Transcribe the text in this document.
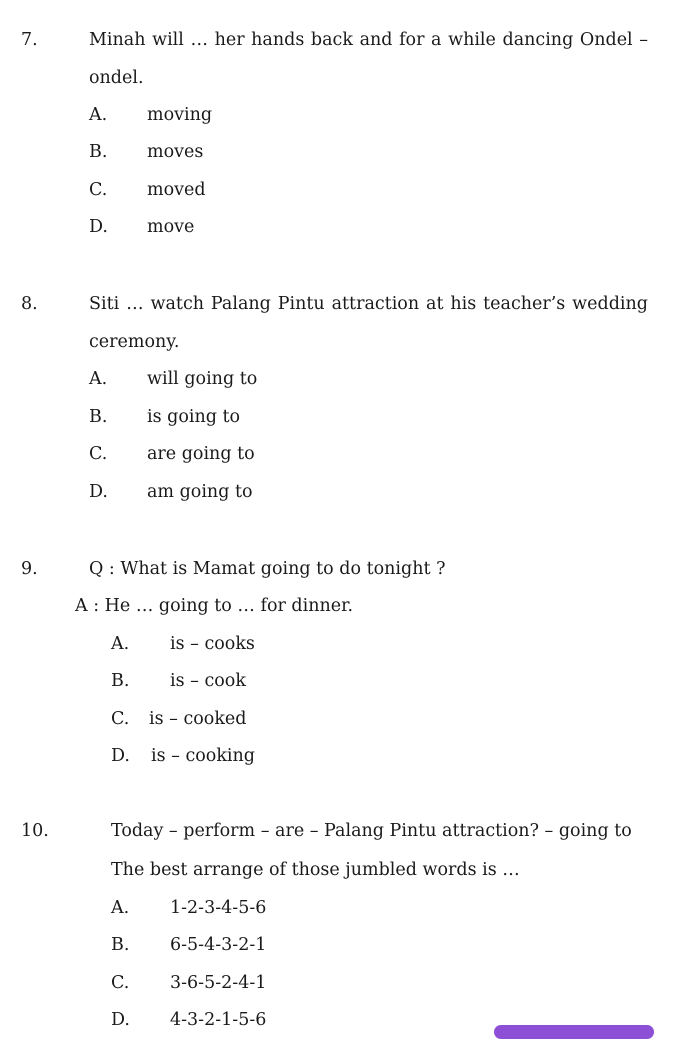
7.	Minah will … her hands back and for a while dancing Ondel –
ondel.
A. moving
B. moves
C. moved
D. move
8.	Siti … watch Palang Pintu attraction at his teacher’s wedding
ceremony.
A. will going to
B. is going to
C. are going to
D. am going to
9.	Q : What is Mamat going to do tonight ?
A : He … going to … for dinner.
A. is – cooks
B. is – cook
C. is – cooked
D. is – cooking
10.	Today – perform – are – Palang Pintu attraction? – going to
The best arrange of those jumbled words is …
A. 1-2-3-4-5-6
B. 6-5-4-3-2-1
C. 3-6-5-2-4-1
D. 4-3-2-1-5-6
